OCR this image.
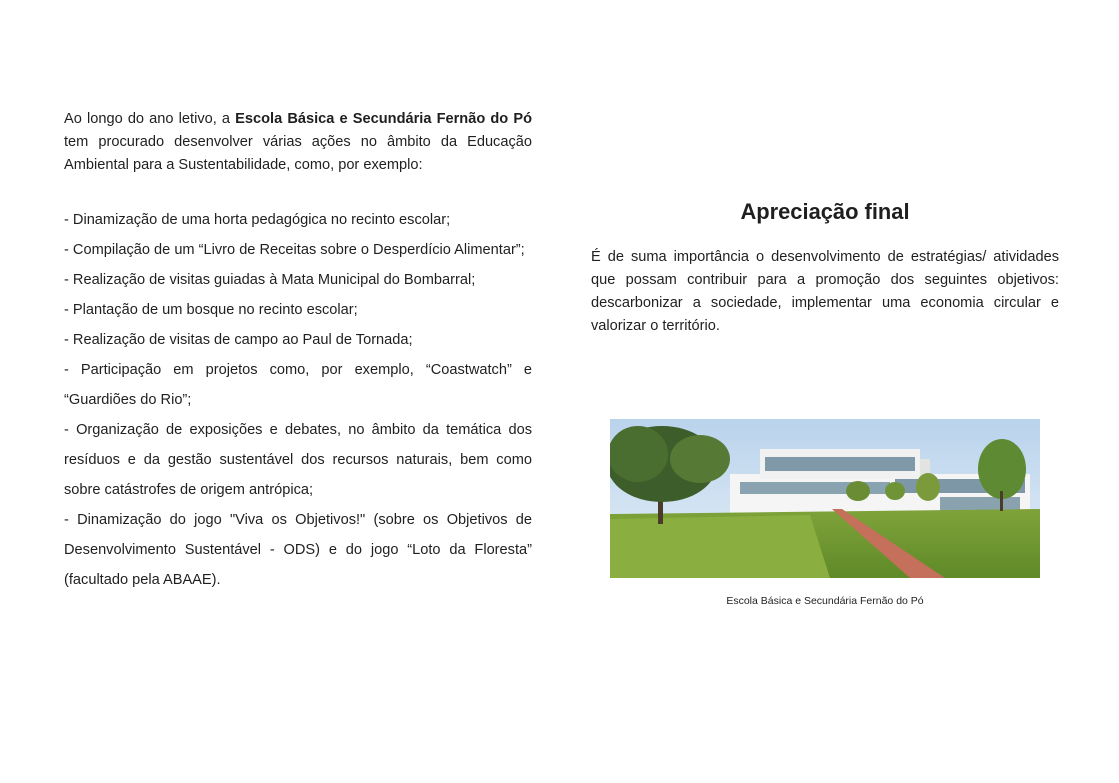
Ao longo do ano letivo, a Escola Básica e Secundária Fernão do Pó tem procurado desenvolver várias ações no âmbito da Educação Ambiental para a Sustentabilidade, como, por exemplo:

- Dinamização de uma horta pedagógica no recinto escolar;
- Compilação de um “Livro de Receitas sobre o Desperdício Alimentar”;
- Realização de visitas guiadas à Mata Municipal do Bombarral;
- Plantação de um bosque no recinto escolar;
- Realização de visitas de campo ao Paul de Tornada;
- Participação em projetos como, por exemplo, “Coastwatch” e “Guardiões do Rio”;
- Organização de exposições e debates, no âmbito da temática dos resíduos e da gestão sustentável dos recursos naturais, bem como sobre catástrofes de origem antrópica;
- Dinamização do jogo "Viva os Objetivos!" (sobre os Objetivos de Desenvolvimento Sustentável - ODS) e do jogo “Loto da Floresta” (facultado pela ABAAE).
Apreciação final

É de suma importância o desenvolvimento de estratégias/ atividades que possam contribuir para a promoção dos seguintes objetivos: descarbonizar a sociedade, implementar uma economia circular e valorizar o território.

Escola Básica e Secundária Fernão do Pó
